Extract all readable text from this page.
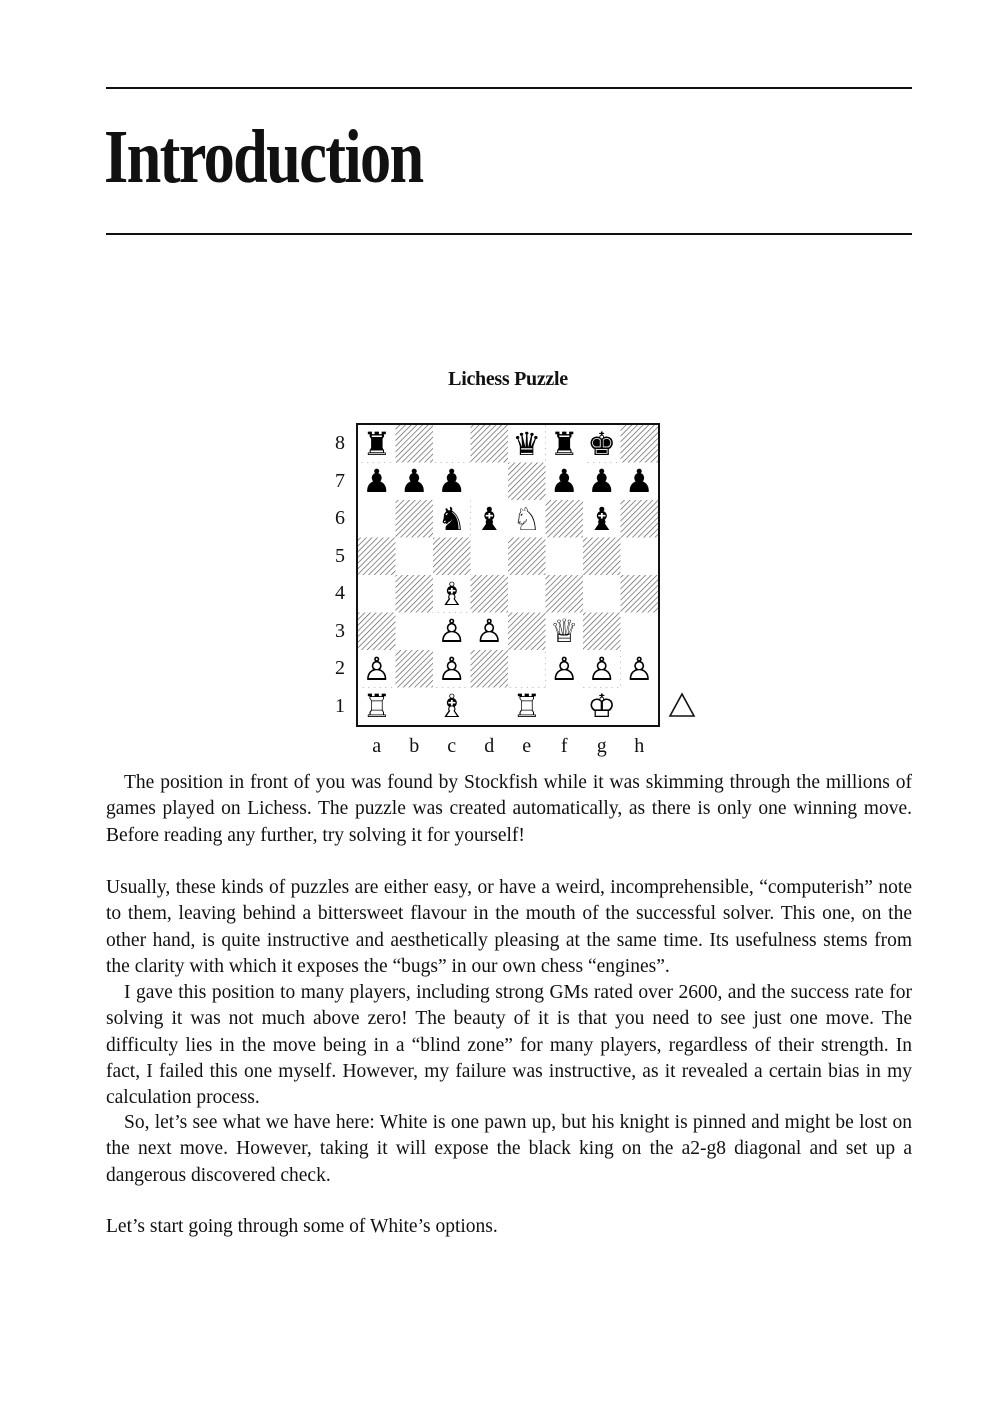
Introduction
Lichess Puzzle
♜	♛ ♜ ♚
♟ ♟ ♟	♟ ♟ ♟
♞ ♝ ♘ ♝
♗
♙ ♙ ♕
♙ ♙	♙ ♙ ♙
♖ ♗ ♖ ♔
8
7
6
5
4
3
2
1
a b c d e	f	g h

The position in front of you was found by Stockfish while it was skimming through the millions of games played on Lichess. The puzzle was created automatically, as there is only one winning move. Before reading any further, try solving it for yourself!

Usually, these kinds of puzzles are either easy, or have a weird, incomprehensible, “computerish” note to them, leaving behind a bittersweet flavour in the mouth of the successful solver. This one, on the other hand, is quite instructive and aesthetically pleasing at the same time. Its usefulness stems from the clarity with which it exposes the “bugs” in our own chess “engines”.

I gave this position to many players, including strong GMs rated over 2600, and the success rate for solving it was not much above zero! The beauty of it is that you need to see just one move. The difficulty lies in the move being in a “blind zone” for many players, regardless of their strength. In fact, I failed this one myself. However, my failure was instructive, as it revealed a certain bias in my calculation process.

So, let’s see what we have here: White is one pawn up, but his knight is pinned and might be lost on the next move. However, taking it will expose the black king on the a2-g8 diagonal and set up a dangerous discovered check.

Let’s start going through some of White’s options.
